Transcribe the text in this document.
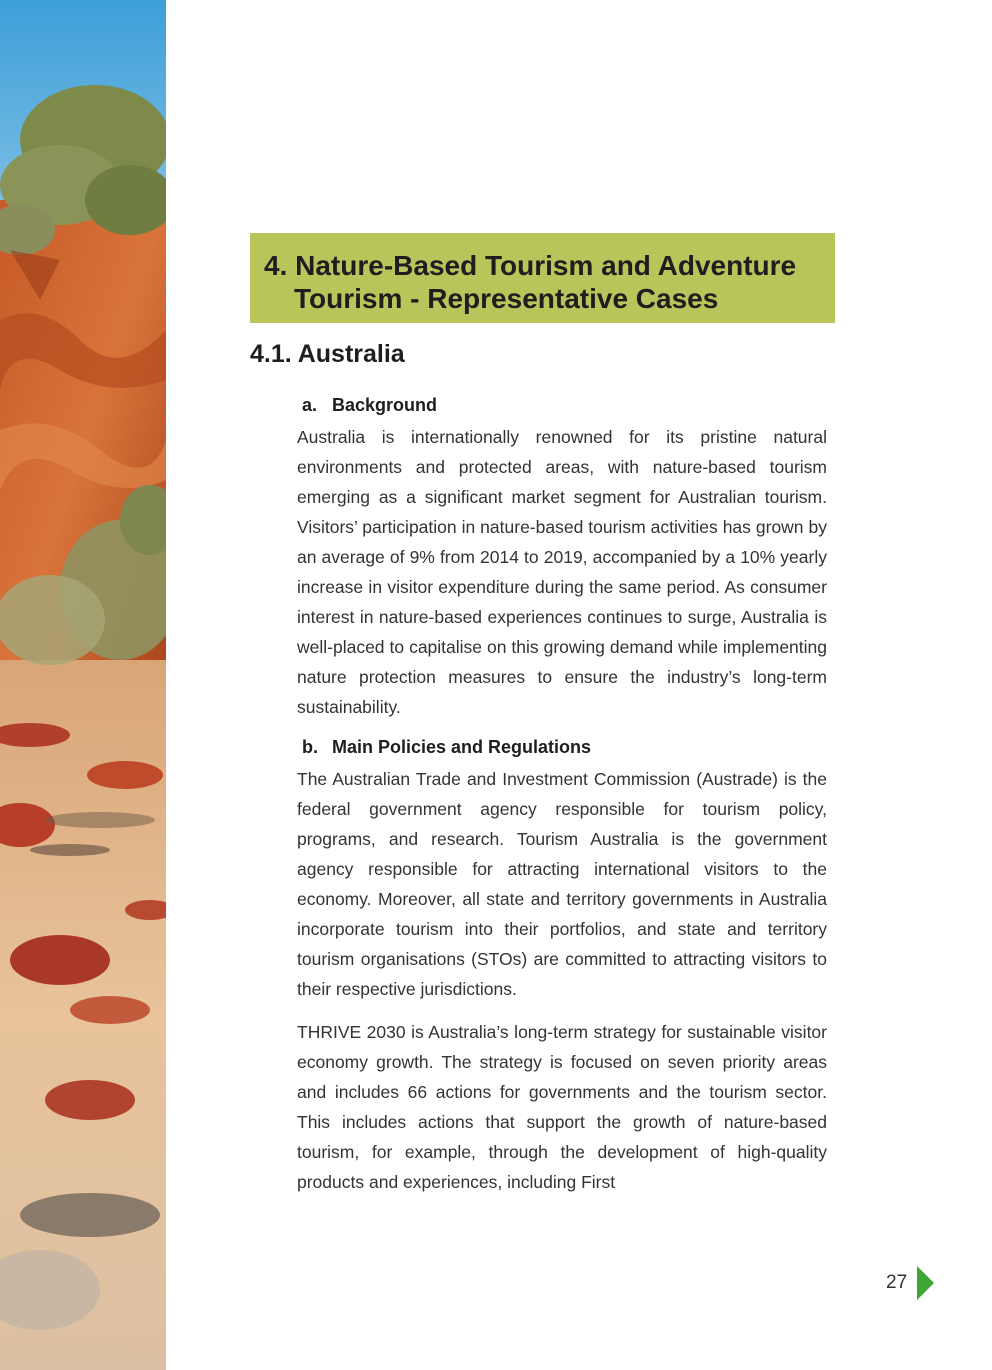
4. Nature-Based Tourism and Adventure Tourism - Representative Cases
4.1. Australia
a. Background

Australia is internationally renowned for its pristine natural environments and protected areas, with nature-based tourism emerging as a significant market segment for Australian tourism. Visitors’ participation in nature-based tourism activities has grown by an average of 9% from 2014 to 2019, accompanied by a 10% yearly increase in visitor expenditure during the same period. As consumer interest in nature-based experiences continues to surge, Australia is well-placed to capitalise on this growing demand while implementing nature protection measures to ensure the industry’s long-term sustainability.

b. Main Policies and Regulations

The Australian Trade and Investment Commission (Austrade) is the federal government agency responsible for tourism policy, programs, and research. Tourism Australia is the government agency responsible for attracting international visitors to the economy. Moreover, all state and territory governments in Australia incorporate tourism into their portfolios, and state and territory tourism organisations (STOs) are committed to attracting visitors to their respective jurisdictions.

THRIVE 2030 is Australia’s long-term strategy for sustainable visitor economy growth. The strategy is focused on seven priority areas and includes 66 actions for governments and the tourism sector. This includes actions that support the growth of nature-based tourism, for example, through the development of high-quality products and experiences, including First

27
